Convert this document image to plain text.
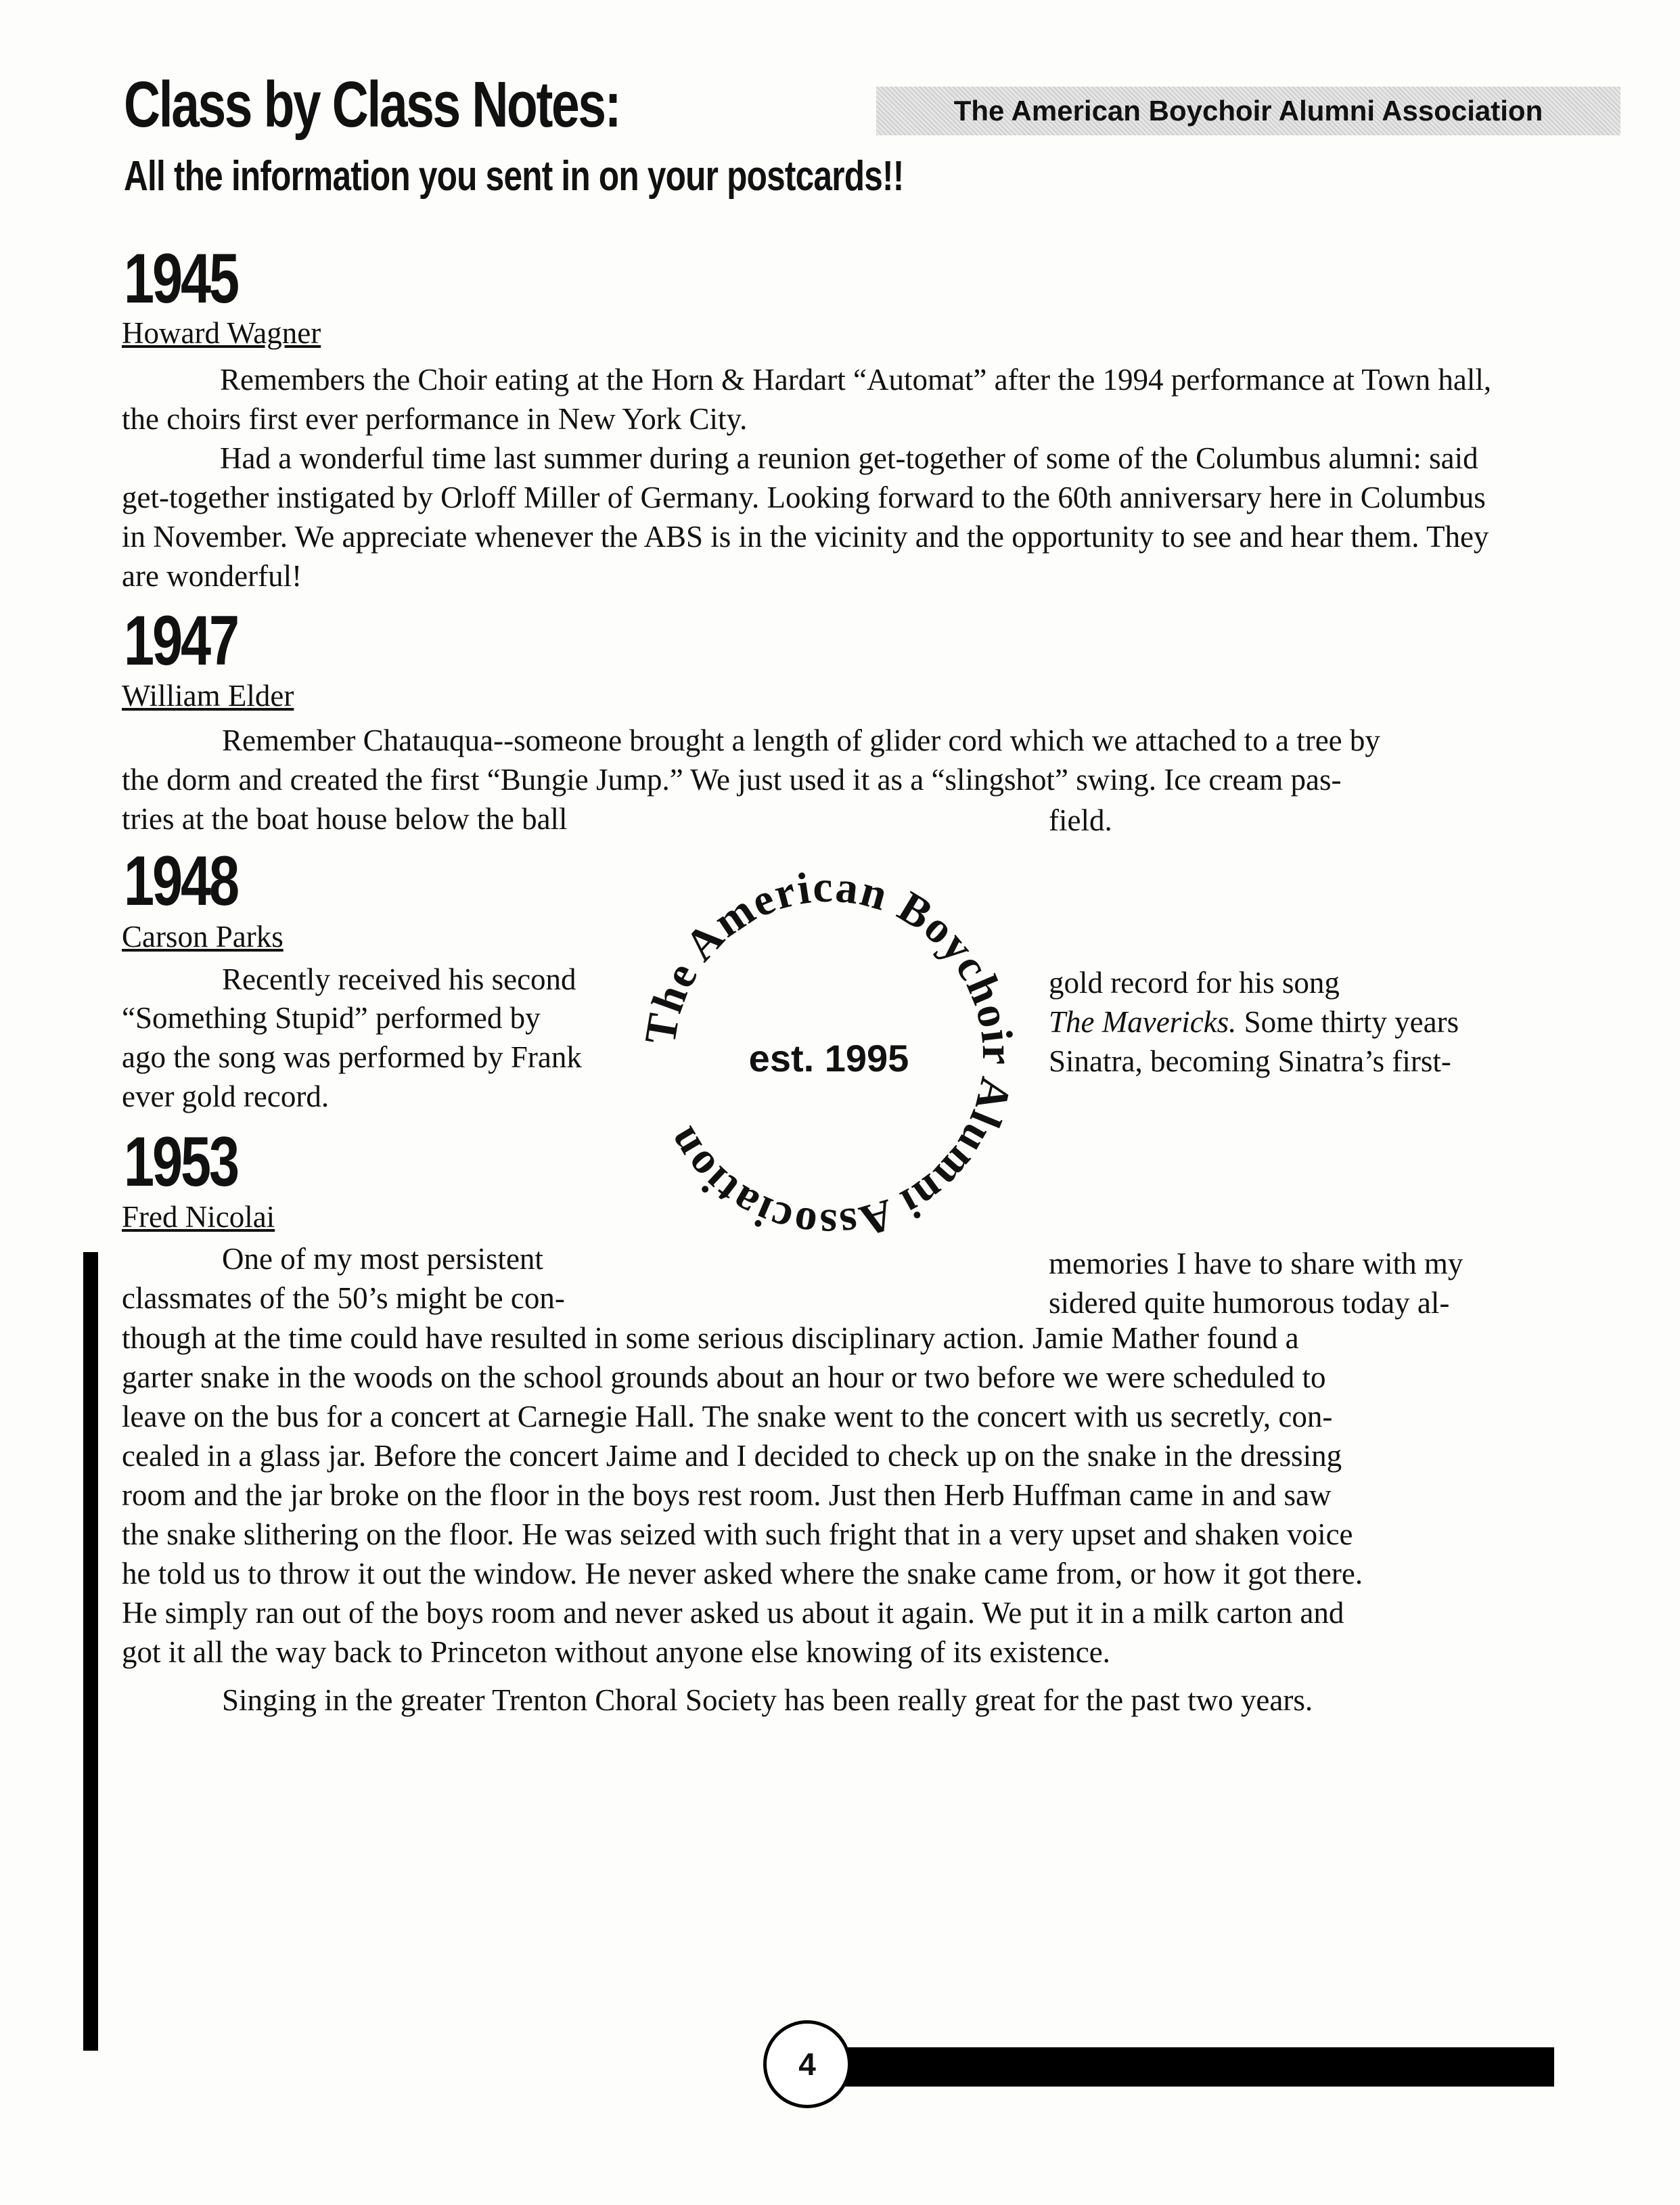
Class by Class Notes:
All the information you sent in on your postcards!!
The American Boychoir Alumni Association
1945
Howard Wagner

Remembers the Choir eating at the Horn & Hardart “Automat” after the 1994 performance at Town hall, the choirs first ever performance in New York City.

Had a wonderful time last summer during a reunion get-together of some of the Columbus alumni: said get-together instigated by Orloff Miller of Germany. Looking forward to the 60th anniversary here in Columbus in November. We appreciate whenever the ABS is in the vicinity and the opportunity to see and hear them. They are wonderful!

1947
William Elder
Remember Chatauqua--someone brought a length of glider cord which we attached to a tree by
the dorm and created the first “Bungie Jump.” We just used it as a “slingshot” swing. Ice cream pas-
tries at the boat house below the ball	field.
1948
Carson Parks
Recently received his second
“Something Stupid” performed by
ago the song was performed by Frank
ever gold record.
gold record for his song
The Mavericks. Some thirty years
Sinatra, becoming Sinatra’s first-
1953
Fred Nicolai
One of my most persistent
classmates of the 50’s might be con-
memories I have to share with my
sidered quite humorous today al-
though at the time could have resulted in some serious disciplinary action. Jamie Mather found a
garter snake in the woods on the school grounds about an hour or two before we were scheduled to
leave on the bus for a concert at Carnegie Hall. The snake went to the concert with us secretly, con-
cealed in a glass jar. Before the concert Jaime and I decided to check up on the snake in the dressing
room and the jar broke on the floor in the boys rest room. Just then Herb Huffman came in and saw
the snake slithering on the floor. He was seized with such fright that in a very upset and shaken voice
he told us to throw it out the window. He never asked where the snake came from, or how it got there.
He simply ran out of the boys room and never asked us about it again. We put it in a milk carton and
got it all the way back to Princeton without anyone else knowing of its existence.
Singing in the greater Trenton Choral Society has been really great for the past two years.
The American Boychoir Alumni Association
est. 1995
4
